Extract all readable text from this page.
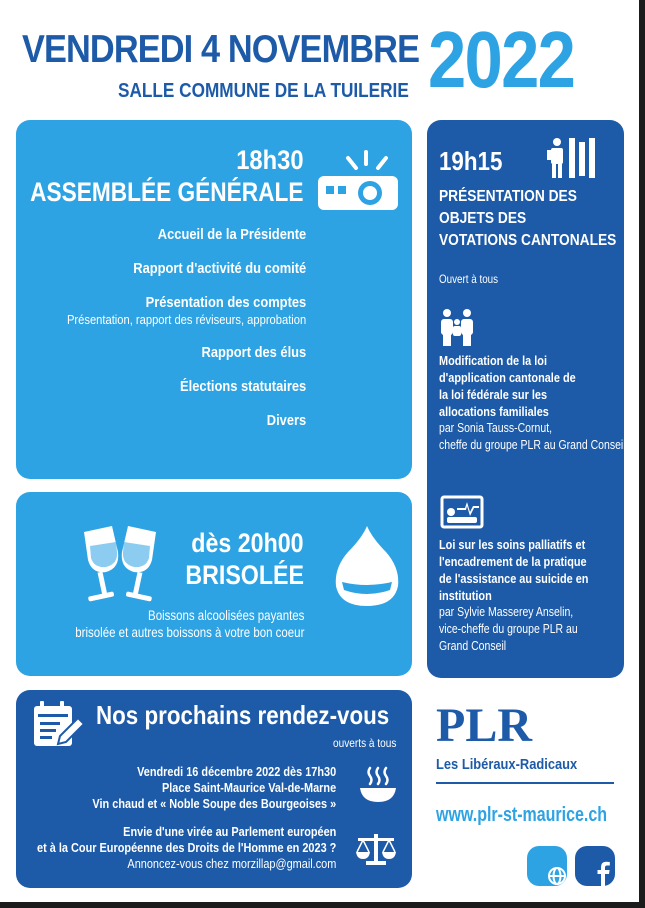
VENDREDI 4 NOVEMBRE
SALLE COMMUNE DE LA TUILERIE 2022
18h30
ASSEMBLÉE GÉNÉRALE
Accueil de la Présidente
Rapport d'activité du comité
Présentation des comptes
Présentation, rapport des réviseurs, approbation
Rapport des élus
Élections statutaires
Divers
dès 20h00
BRISOLÉE
Boissons alcoolisées payantes
brisolée et autres boissons à votre bon coeur
19h15
PRÉSENTATION DES
OBJETS DES
VOTATIONS CANTONALES
Ouvert à tous
Modification de la loi
d'application cantonale de
la loi fédérale sur les
allocations familiales
par Sonia Tauss-Cornut,
cheffe du groupe PLR au Grand Conseil
Loi sur les soins palliatifs et
l'encadrement de la pratique
de l'assistance au suicide en
institution
par Sylvie Masserey Anselin,
vice-cheffe du groupe PLR au
Grand Conseil
Nos prochains rendez-vous
ouverts à tous
Vendredi 16 décembre 2022 dès 17h30
Place Saint-Maurice Val-de-Marne
Vin chaud et « Noble Soupe des Bourgeoises »
Envie d'une virée au Parlement européen
et à la Cour Européenne des Droits de l'Homme en 2023 ?
Annoncez-vous chez morzillap@gmail.com
PLR
Les Libéraux-Radicaux
www.plr-st-maurice.ch
